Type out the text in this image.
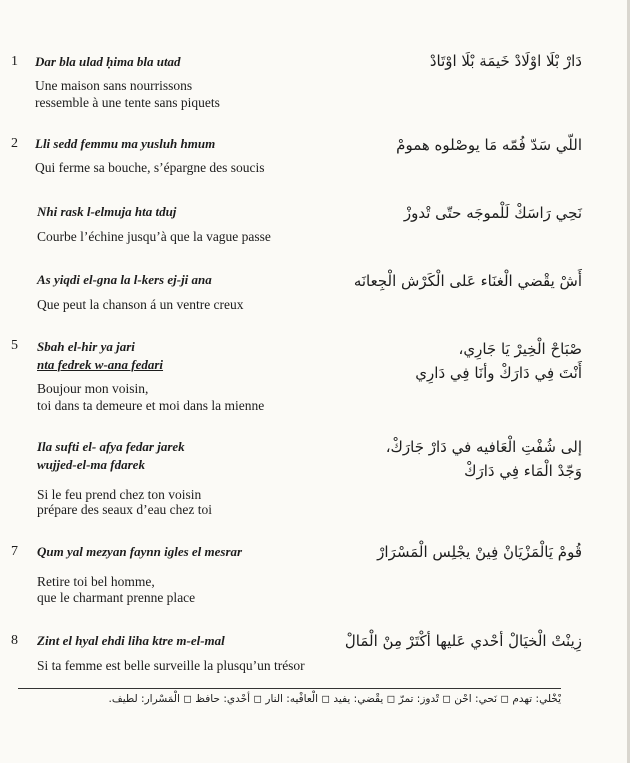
1 Dar bla ulad ḥima bla utad
Une maison sans nourrissons
ressemble à une tente sans piquets
دَارْ بْلَا اوْلَادْ خَيمَة بْلَا اوْتَادْ
2 Lli sedd femmu ma yusluh hmum
Qui ferme sa bouche, s’épargne des soucis
اللّي سَدّ فُمّه مَا يوصْلوه همومْ
Nhi rask l-elmuja hta tduj
Courbe l’échine jusqu’à que la vague passe
نَحِي رَاسَكْ لَلْموجَه حتّى تْدوزْ
As yiqdi el-gna la l-kers ej-ji ana
Que peut la chanson á un ventre creux
أَشْ يقْضي الْغنَاء عَلى الْكَرْش الْجِعانَه
5 Sbah el-hir ya jari
nta fedrek w-ana fedari
Boujour mon voisin,
toi dans ta demeure et moi dans la mienne
صْبَاحْ الْخِيرْ يَا جَارِي،
أَنْتَ فِي دَارَكْ وأنَا فِي دَارِي
Ila sufti el- afya fedar jarek
wujjed-el-ma fdarek
Si le feu prend chez ton voisin
prépare des seaux d’eau chez toi
إلى شُفْتِ الْعَافيه في دَارْ جَارَكْ،
وَجّدْ الْمَاء فِي دَارَكْ
7 Qum yal mezyan faynn igles el mesrar
Retire toi bel homme,
que le charmant prenne place
قُومْ يَالْمَزْيَانْ فِينْ يجْلِس الْمَسْرَارْ
8 Zint el hyal ehdi liha ktre m-el-mal
Si ta femme est belle surveille la plusqu’un trésor
زِينْتْ الْخيَالْ أحْدي عَليها أكْتَرْ مِنْ الْمَالْ
يْخْلي: تهدم ◻ نَحي: احْن ◻ تْدوز: تمرّ ◻ يقْضي: يفيد ◻ الْعافْيه: النار ◻ أحْدي: حافظ ◻ الْمَسْرار: لطيف.
